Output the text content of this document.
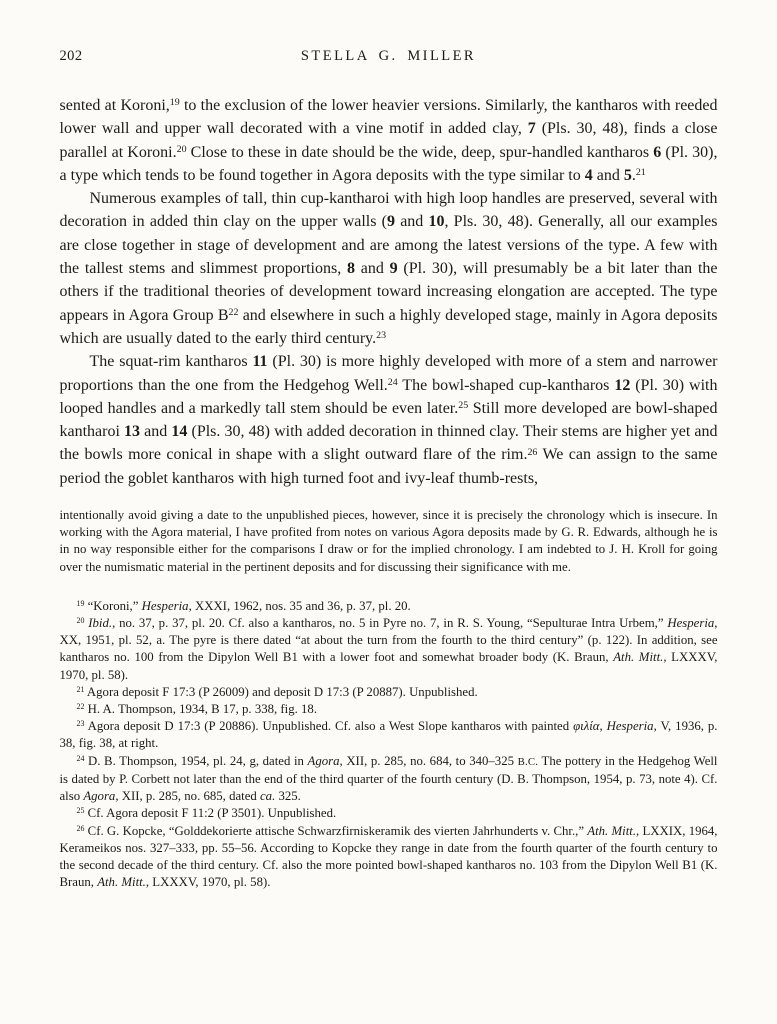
202	STELLA G. MILLER

sented at Koroni,$^{19}$ to the exclusion of the lower heavier versions. Similarly, the kantharos with reeded lower wall and upper wall decorated with a vine motif in added clay, 7 (Pls. 30, 48), finds a close parallel at Koroni.$^{20}$ Close to these in date should be the wide, deep, spur-handled kantharos 6 (Pl. 30), a type which tends to be found together in Agora deposits with the type similar to 4 and 5.21

Numerous examples of tall, thin cup-kantharoi with high loop handles are preserved, several with decoration in added thin clay on the upper walls (9 and 10, Pls. 30, 48). Generally, all our examples are close together in stage of development and are among the latest versions of the type. A few with the tallest stems and slimmest proportions, 8 and 9 (Pl. 30), will presumably be a bit later than the others if the traditional theories of development toward increasing elongation are accepted. The type appears in Agora Group $B^{22}$ and elsewhere in such a highly developed stage, mainly in Agora deposits which are usually dated to the early third century.$^{23}$

The squat-rim kantharos 11 (Pl. 30) is more highly developed with more of a stem and narrower proportions than the one from the Hedgehog Well.$^{24}$ The bowl-shaped cup-kantharos 12 (Pl. 30) with looped handles and a markedly tall stem should be even later.$^{25}$ Still more developed are bowl-shaped kantharoi 13 and 14 (Pls. 30, 48) with added decoration in thinned clay. Their stems are higher yet and the bowls more conical in shape with a slight outward flare of the rim.$^{26}$ We can assign to the same period the goblet kantharos with high turned foot and ivy-leaf thumb-rests,

intentionally avoid giving a date to the unpublished pieces, however, since it is precisely the chronology which is insecure. In working with the Agora material, I have profited from notes on various Agora deposits made by G. R. Edwards, although he is in no way responsible either for the comparisons I draw or for the implied chronology. I am indebted to J. H. Kroll for going over the numismatic material in the pertinent deposits and for discussing their significance with me.

$^{19}$ “Koroni,” Hesperia, XXXI, 1962, nos. 35 and 36, p. 37, pl. 20.

$^{20}$ Ibid., no. 37, p. 37, pl. 20. Cf. also a kantharos, no. 5 in Pyre no. 7, in R. S. Young, “Sepulturae Intra Urbem,” Hesperia, XX, 1951, pl. 52, a. The pyre is there dated “at about the turn from the fourth to the third century” (p. 122). In addition, see kantharos no. 100 from the Dipylon Well B1 with a lower foot and somewhat broader body (K. Braun, Ath. Mitt., LXXXV, 1970, pl. 58).

$^{21}$ Agora deposit F 17:3 (P 26009) and deposit D 17:3 (P 20887). Unpublished.

$^{22}$ H. A. Thompson, 1934, B 17, p. 338, fig. 18.

$^{23}$ Agora deposit D 17:3 (P 20886). Unpublished. Cf. also a West Slope kantharos with painted φιλία, Hesperia, V, 1936, p. 38, fig. 38, at right.

$^{24}$ D. B. Thompson, 1954, pl. 24, g, dated in Agora, XII, p. 285, no. 684, to 340–325 B.C. The pottery in the Hedgehog Well is dated by P. Corbett not later than the end of the third quarter of the fourth century (D. B. Thompson, 1954, p. 73, note 4). Cf. also Agora, XII, p. 285, no. 685, dated ca. 325.

$^{25}$ Cf. Agora deposit F 11:2 (P 3501). Unpublished.

$^{26}$ Cf. G. Kopcke, “Golddekorierte attische Schwarzfirniskeramik des vierten Jahrhunderts v. Chr.,” Ath. Mitt., LXXIX, 1964, Kerameikos nos. 327–333, pp. 55–56. According to Kopcke they range in date from the fourth quarter of the fourth century to the second decade of the third century. Cf. also the more pointed bowl-shaped kantharos no. 103 from the Dipylon Well B1 (K. Braun, Ath. Mitt., LXXXV, 1970, pl. 58).
